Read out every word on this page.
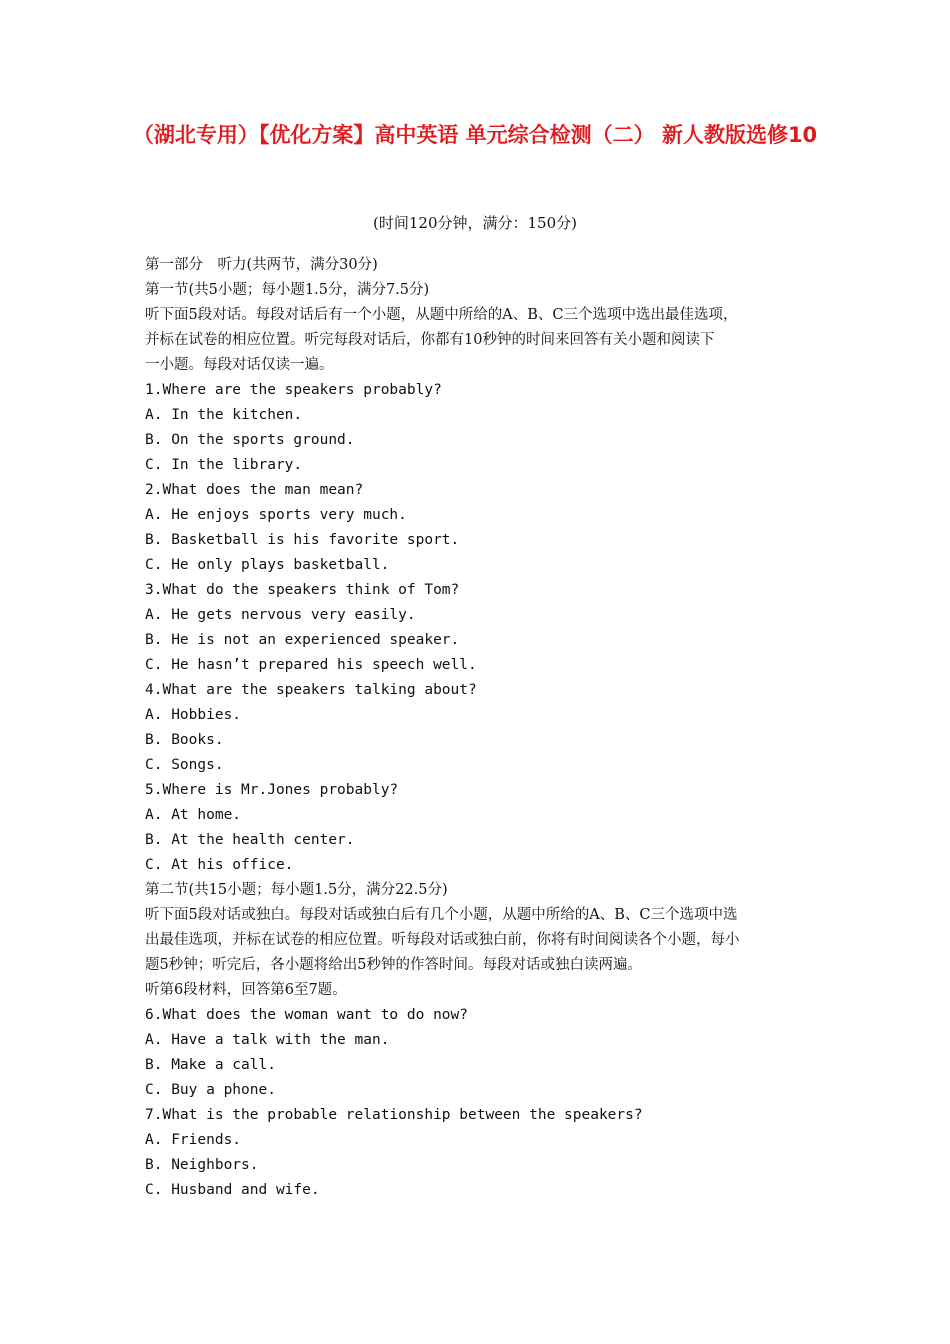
（湖北专用）【优化方案】高中英语 单元综合检测（二） 新人教版选修10
(时间120分钟，满分：150分)
第一部分　听力(共两节，满分30分)
第一节(共5小题；每小题1.5分，满分7.5分)
听下面5段对话。每段对话后有一个小题，从题中所给的A、B、C三个选项中选出最佳选项，
并标在试卷的相应位置。听完每段对话后，你都有10秒钟的时间来回答有关小题和阅读下
一小题。每段对话仅读一遍。
1.Where are the speakers probably?
A. In the kitchen.
B. On the sports ground.
C. In the library.
2.What does the man mean?
A. He enjoys sports very much.
B. Basketball is his favorite sport.
C. He only plays basketball.
3.What do the speakers think of Tom?
A. He gets nervous very easily.
B. He is not an experienced speaker.
C. He hasn’t prepared his speech well.
4.What are the speakers talking about?
A. Hobbies.
B. Books.
C. Songs.
5.Where is Mr.Jones probably?
A. At home.
B. At the health center.
C. At his office.
第二节(共15小题；每小题1.5分，满分22.5分)
听下面5段对话或独白。每段对话或独白后有几个小题，从题中所给的A、B、C三个选项中选
出最佳选项，并标在试卷的相应位置。听每段对话或独白前，你将有时间阅读各个小题，每小
题5秒钟；听完后，各小题将给出5秒钟的作答时间。每段对话或独白读两遍。
听第6段材料，回答第6至7题。
6.What does the woman want to do now?
A. Have a talk with the man.
B. Make a call.
C. Buy a phone.
7.What is the probable relationship between the speakers?
A. Friends.
B. Neighbors.
C. Husband and wife.
